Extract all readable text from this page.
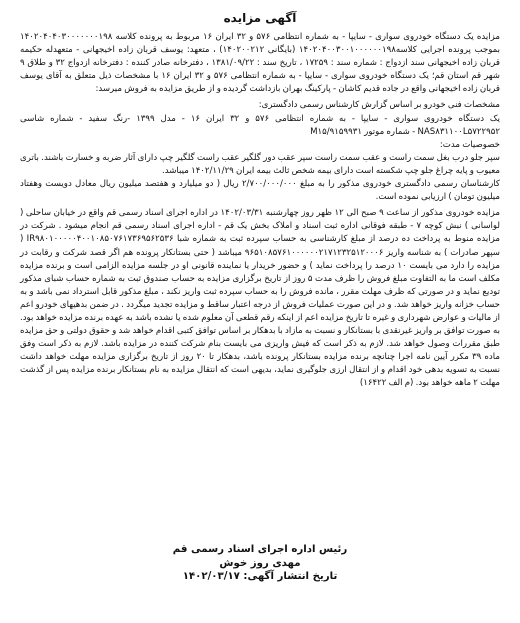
آگهی مزایده

مزایده یک دستگاه خودروی سواری - سایپا - به شماره انتظامی ۵۷۶ و ۳۲ ایران ۱۶ مربوط به پرونده کلاسه ۱۴۰۲۰۴۰۴۰۳۰۰۰۰۰۰۰۱۹۸ بموجب پرونده اجرایی کلاسه۱۴۰۲۰۴۰۰۳۰۰۱۰۰۰۰۰۰۱۹۸ (بایگانی ۱۴۰۲۰۰۲۱۲) ، متعهد: یوسف قربان زاده اخیجهانی - متعهدله حکیمه قربان زاده اخیجهانی سند ازدواج : شماره سند : ۱۷۲۵۹ ، تاریخ سند : ۱۳۸۱/۰۹/۲۲ ، دفترخانه صادر کننده : دفترخانه ازدواج ۳۲ و طلاق ۹ شهر قم استان قم؛ یک دستگاه خودروی سواری - سایپا - به شماره انتظامی ۵۷۶ و ۳۲ ایران ۱۶ با مشخصات ذیل متعلق به آقای یوسف قربان زاده اخیجهانی واقع در جاده قدیم کاشان - پارکینگ بهران بازداشت گردیده و از طریق مزایده به فروش میرسد:

مشخصات فنی خودرو بر اساس گزارش کارشناس رسمی دادگستری:

یک دستگاه خودروی سواری - سایپا - به شماره انتظامی ۵۷۶ و ۳۲ ایران ۱۶ - مدل ۱۳۹۹ -رنگ سفید - شماره شاسی NAS۸۳۱۱۰۰L۵۷۲۲۹۵۲ - شماره موتور M۱۵/۹۱۵۹۹۳۱

خصوصیات مدت:

سپر جلو درب بغل سمت راست و عقب سمت راست سپر عقب دور گلگیر عقب راست گلگیر چپ دارای آثار ضربه و خسارت باشند. باتری معیوب و پایه چراغ جلو چپ شکسته است دارای بیمه شخص ثالث بیمه ایران ۱۴۰۲/۱۱/۲۹ میباشد.

کارشناسان رسمی دادگستری خودروی مذکور را به مبلغ ۲/۷۰۰/۰۰۰/۰۰۰ ریال ( دو میلیارد و هفتصد میلیون ریال معادل دویست وهفتاد میلیون تومان ) ارزیابی نموده است.

مزایده خودروی مذکور از ساعت ۹ صبح الی ۱۲ ظهر روز چهارشنبه ۱۴۰۲/۰۳/۳۱ در اداره اجرای اسناد رسمی قم واقع در خیابان ساحلی ( لواسانی ) نبش کوچه ۷ - طبقه فوقانی اداره ثبت اسناد و املاک بخش یک قم - اداره اجرای اسناد رسمی قم انجام میشود . شرکت در مزایده منوط به پرداخت ده درصد از مبلغ کارشناسی به حساب سپرده ثبت به شماره شبا IR۹۸۰۱۰۰۰۰۰۴۰۰۱۰۸۵۰۷۶۱۷۳۶۹۵۶۲۵۳۶ ( سپهر صادرات ) به شناسه واریز ۹۶۵۱۰۸۵۷۶۱۰۰۰۰۰۰۲۱۷۱۲۳۲۵۱۲۰۰۰۶ میباشد ( حتی بستانکار پرونده هم اگر قصد شرکت و رقابت در مزایده را دارد می بایست ۱۰ درصد را پرداخت نماید ) و حضور خریدار یا نماینده قانونی او در جلسه مزایده الزامی است و برنده مزایده مکلف است ما به التفاوت مبلغ فروش را ظرف مدت ۵ روز از تاریخ برگزاری مزایده به حساب صندوق ثبت به شماره حساب شبای مذکور تودیع نماید و در صورتی که ظرف مهلت مقرر ، مانده فروش را به حساب سپرده ثبت واریز نکند ، مبلغ مذکور قابل استرداد نمی باشد و به حساب خزانه واریز خواهد شد. و در این صورت عملیات فروش از درجه اعتبار ساقط و مزایده تجدید میگردد . در ضمن بدهیهای خودرو اعم از مالیات و عوارض شهرداری و غیره تا تاریخ مزایده اعم از اینکه رقم قطعی آن معلوم شده یا نشده باشد به عهده برنده مزایده خواهد بود. به صورت توافق بر واریز غیرنقدی با بستانکار و نسبت به مازاد با بدهکار بر اساس توافق کتبی اقدام خواهد شد و حقوق دولتی و حق مزایده طبق مقررات وصول خواهد شد. لازم به ذکر است که فیش واریزی می بایست بنام شرکت کننده در مزایده باشد. لازم به ذکر است وفق ماده ۳۹ مکرر آیین نامه اجرا چنانچه برنده مزایده بستانکار پرونده باشد، بدهکار تا ۲۰ روز از تاریخ برگزاری مزایده مهلت خواهد داشت نسبت به تسویه بدهی خود اقدام و از انتقال ارزی جلوگیری نماید، بدیهی است که انتقال مزایده به نام بستانکار برنده مزایده پس از گذشت مهلت ۲ ماهه خواهد بود. (م الف ۱۶۴۲۲)

رئیس اداره اجرای اسناد رسمی قم
مهدی روز خوش
تاریخ انتشار آگهی: ۱۴۰۲/۰۳/۱۷
